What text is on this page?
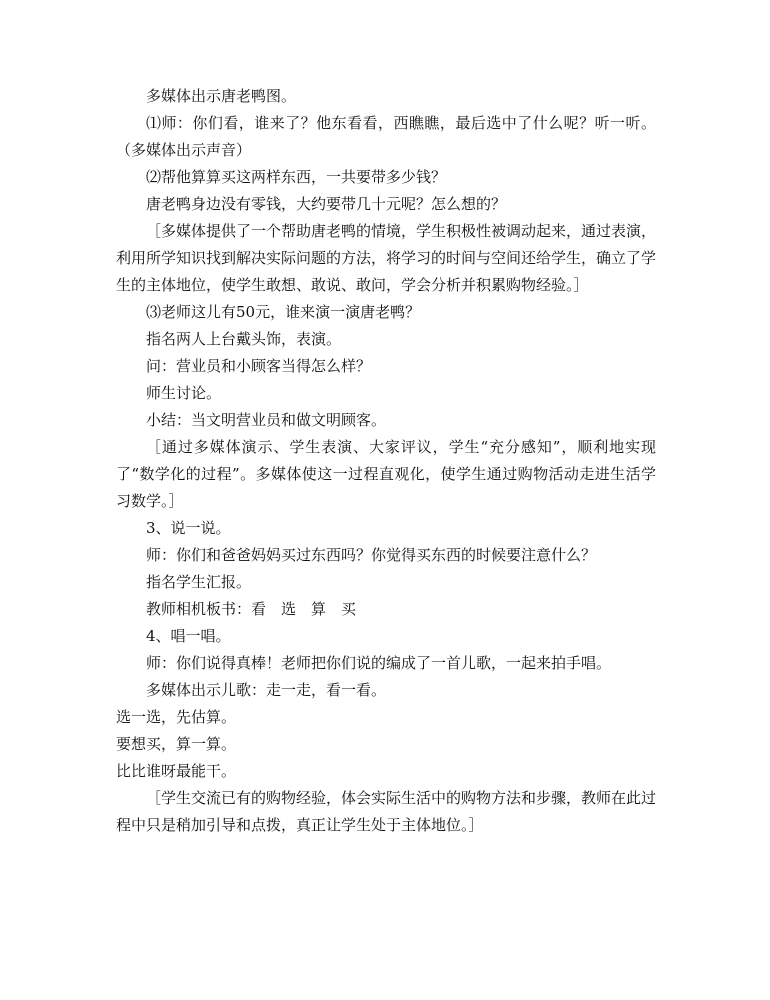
多媒体出示唐老鸭图。

⑴师：你们看，谁来了？他东看看，西瞧瞧，最后选中了什么呢？听一听。（多媒体出示声音）

⑵帮他算算买这两样东西，一共要带多少钱？

唐老鸭身边没有零钱，大约要带几十元呢？怎么想的？

［多媒体提供了一个帮助唐老鸭的情境，学生积极性被调动起来，通过表演，利用所学知识找到解决实际问题的方法，将学习的时间与空间还给学生，确立了学生的主体地位，使学生敢想、敢说、敢问，学会分析并积累购物经验。］

⑶老师这儿有50元，谁来演一演唐老鸭？

指名两人上台戴头饰，表演。

问：营业员和小顾客当得怎么样？

师生讨论。

小结：当文明营业员和做文明顾客。

［通过多媒体演示、学生表演、大家评议，学生“充分感知”，顺利地实现了“数学化的过程”。多媒体使这一过程直观化，使学生通过购物活动走进生活学习数学。］

3、说一说。

师：你们和爸爸妈妈买过东西吗？你觉得买东西的时候要注意什么？

指名学生汇报。

教师相机板书：看　选　算　买

4、唱一唱。

师：你们说得真棒！老师把你们说的编成了一首儿歌，一起来拍手唱。

多媒体出示儿歌：走一走，看一看。

选一选，先估算。

要想买，算一算。

比比谁呀最能干。

［学生交流已有的购物经验，体会实际生活中的购物方法和步骤，教师在此过程中只是稍加引导和点拨，真正让学生处于主体地位。］
